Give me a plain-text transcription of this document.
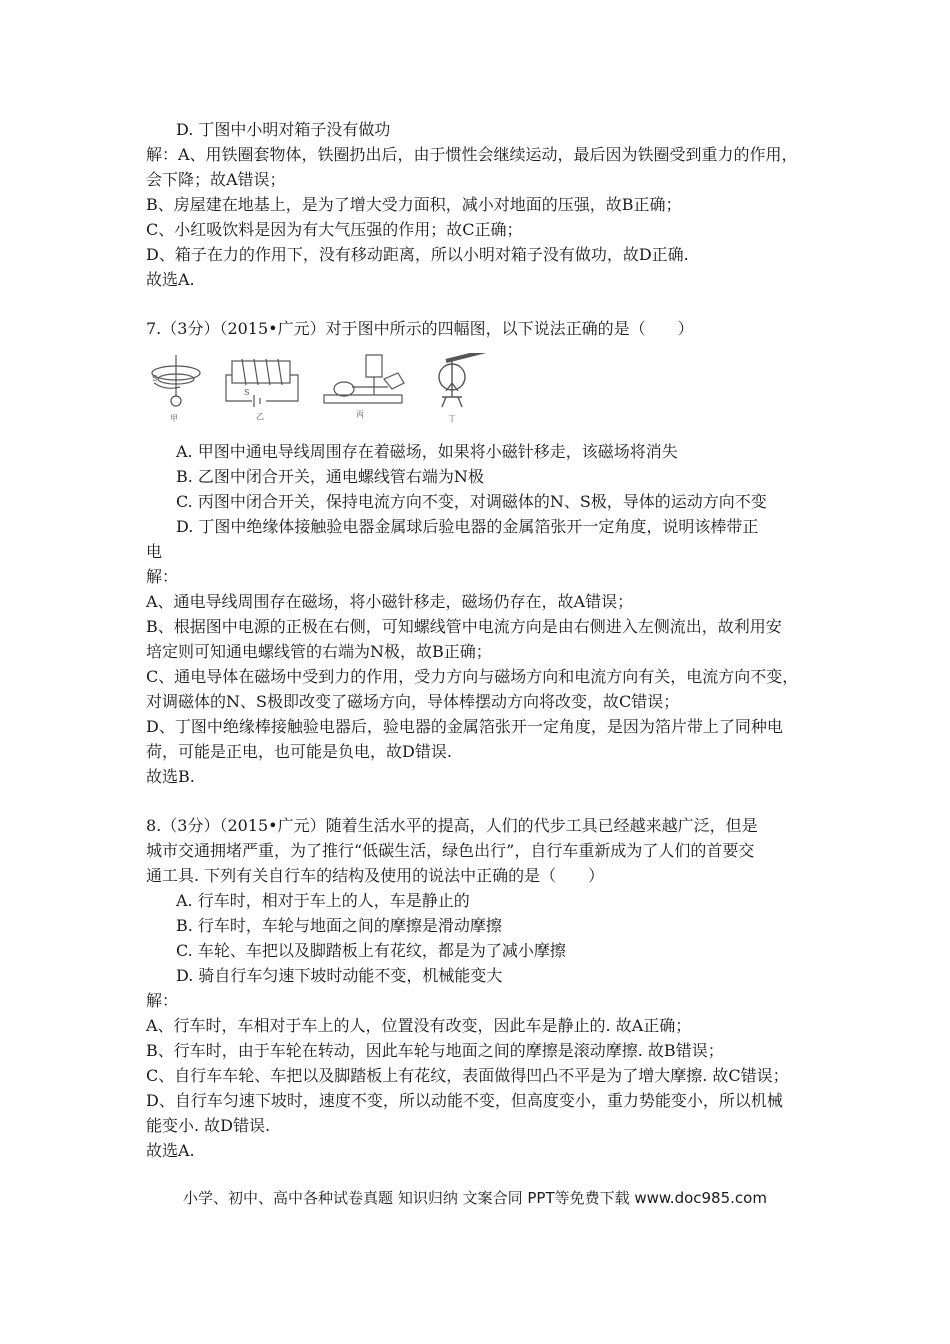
D. 丁图中小明对箱子没有做功
解：A、用铁圈套物体，铁圈扔出后，由于惯性会继续运动，最后因为铁圈受到重力的作用，
会下降；故A错误；
B、房屋建在地基上，是为了增大受力面积，减小对地面的压强，故B正确；
C、小红吸饮料是因为有大气压强的作用；故C正确；
D、箱子在力的作用下，没有移动距离，所以小明对箱子没有做功，故D正确.
故选A.
7.（3分）（2015•广元）对于图中所示的四幅图，以下说法正确的是（　　）
S
甲
S
乙	丙	丁
A. 甲图中通电导线周围存在着磁场，如果将小磁针移走，该磁场将消失
B. 乙图中闭合开关，通电螺线管右端为N极
C. 丙图中闭合开关，保持电流方向不变，对调磁体的N、S极，导体的运动方向不变
D. 丁图中绝缘体接触验电器金属球后验电器的金属箔张开一定角度，说明该棒带正
电
解：
A、通电导线周围存在磁场，将小磁针移走，磁场仍存在，故A错误；
B、根据图中电源的正极在右侧，可知螺线管中电流方向是由右侧进入左侧流出，故利用安
培定则可知通电螺线管的右端为N极，故B正确；
C、通电导体在磁场中受到力的作用，受力方向与磁场方向和电流方向有关，电流方向不变，
对调磁体的N、S极即改变了磁场方向，导体棒摆动方向将改变，故C错误；
D、丁图中绝缘棒接触验电器后，验电器的金属箔张开一定角度，是因为箔片带上了同种电
荷，可能是正电，也可能是负电，故D错误.
故选B.
8.（3分）（2015•广元）随着生活水平的提高，人们的代步工具已经越来越广泛，但是
城市交通拥堵严重，为了推行“低碳生活，绿色出行”，自行车重新成为了人们的首要交
通工具. 下列有关自行车的结构及使用的说法中正确的是（　　）
A. 行车时，相对于车上的人，车是静止的
B. 行车时，车轮与地面之间的摩擦是滑动摩擦
C. 车轮、车把以及脚踏板上有花纹，都是为了减小摩擦
D. 骑自行车匀速下坡时动能不变，机械能变大
解：
A、行车时，车相对于车上的人，位置没有改变，因此车是静止的. 故A正确；
B、行车时，由于车轮在转动，因此车轮与地面之间的摩擦是滚动摩擦. 故B错误；
C、自行车车轮、车把以及脚踏板上有花纹，表面做得凹凸不平是为了增大摩擦. 故C错误；
D、自行车匀速下坡时，速度不变，所以动能不变，但高度变小，重力势能变小，所以机械
能变小. 故D错误.
故选A.
小学、初中、高中各种试卷真题 知识归纳 文案合同 PPT等免费下载 www.doc985.com
